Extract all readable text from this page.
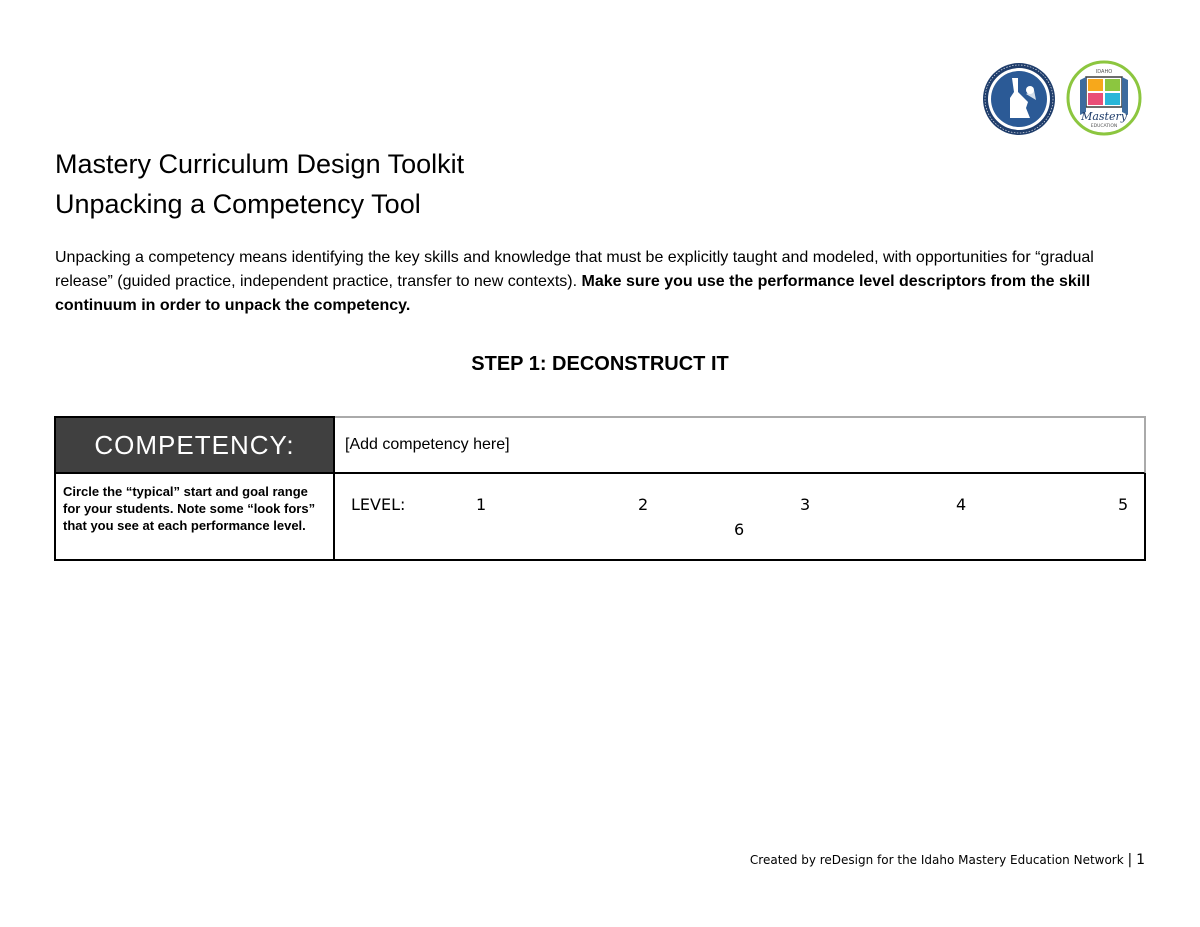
IDAHO
Mastery
EDUCATION
Mastery Curriculum Design Toolkit
Unpacking a Competency Tool

Unpacking a competency means identifying the key skills and knowledge that must be explicitly taught and modeled, with opportunities for “gradual release” (guided practice, independent practice, transfer to new contexts). Make sure you use the performance level descriptors from the skill continuum in order to unpack the competency.

STEP 1: DECONSTRUCT IT
COMPETENCY:	[Add competency here]
Circle the “typical” start and goal range for your students. Note some “look fors” that you see at each performance level.
LEVEL:	1	2	3	4	5
6
Created by reDesign for the Idaho Mastery Education Network | 1
